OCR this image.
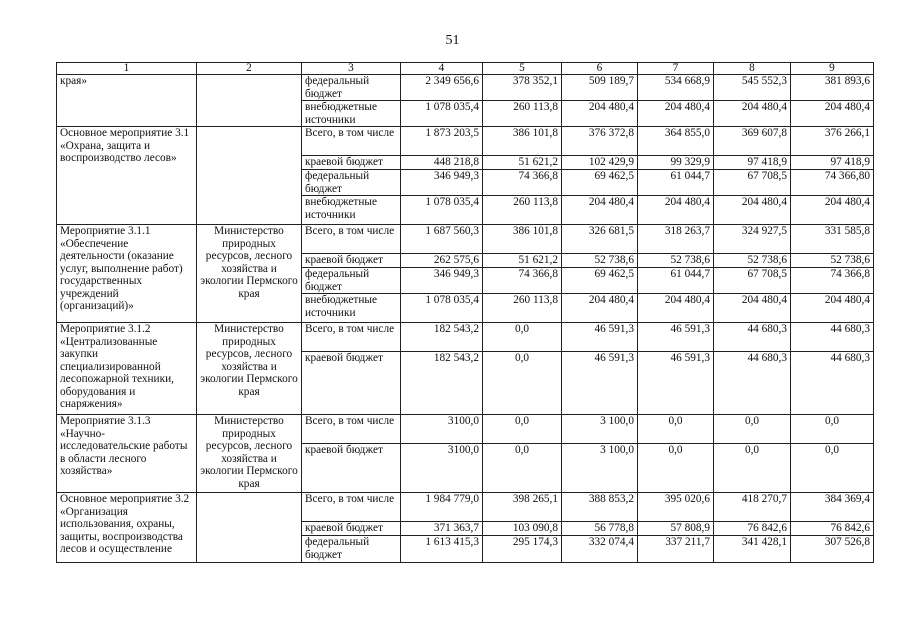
51
1	2	3	4	5	6	7	8	9
края»		федеральный бюджет	2 349 656,6	378 352,1	509 189,7	534 668,9	545 552,3	381 893,6
		внебюджетные источники	1 078 035,4	260 113,8	204 480,4	204 480,4	204 480,4	204 480,4
Основное мероприятие 3.1 «Охрана, защита и воспроизводство лесов»		Всего, в том числе	1 873 203,5	386 101,8	376 372,8	364 855,0	369 607,8	376 266,1
		краевой бюджет	448 218,8	51 621,2	102 429,9	99 329,9	97 418,9	97 418,9
		федеральный бюджет	346 949,3	74 366,8	69 462,5	61 044,7	67 708,5	74 366,80
		внебюджетные источники	1 078 035,4	260 113,8	204 480,4	204 480,4	204 480,4	204 480,4
Мероприятие 3.1.1 «Обеспечение деятельности (оказание услуг, выполнение работ) государственных учреждений (организаций)»	Министерство природных ресурсов, лесного хозяйства и экологии Пермского края	Всего, в том числе	1 687 560,3	386 101,8	326 681,5	318 263,7	324 927,5	331 585,8
		краевой бюджет	262 575,6	51 621,2	52 738,6	52 738,6	52 738,6	52 738,6
		федеральный бюджет	346 949,3	74 366,8	69 462,5	61 044,7	67 708,5	74 366,8
		внебюджетные источники	1 078 035,4	260 113,8	204 480,4	204 480,4	204 480,4	204 480,4
Мероприятие 3.1.2 «Централизованные закупки специализированной лесопожарной техники, оборудования и снаряжения»	Министерство природных ресурсов, лесного хозяйства и экологии Пермского края	Всего, в том числе	182 543,2	0,0	46 591,3	46 591,3	44 680,3	44 680,3
		краевой бюджет	182 543,2	0,0	46 591,3	46 591,3	44 680,3	44 680,3
Мероприятие 3.1.3 «Научно-исследовательские работы в области лесного хозяйства»	Министерство природных ресурсов, лесного хозяйства и экологии Пермского края	Всего, в том числе	3100,0	0,0	3 100,0	0,0	0,0	0,0
		краевой бюджет	3100,0	0,0	3 100,0	0,0	0,0	0,0
Основное мероприятие 3.2 «Организация использования, охраны, защиты, воспроизводства лесов и осуществление		Всего, в том числе	1 984 779,0	398 265,1	388 853,2	395 020,6	418 270,7	384 369,4
		краевой бюджет	371 363,7	103 090,8	56 778,8	57 808,9	76 842,6	76 842,6
		федеральный бюджет	1 613 415,3	295 174,3	332 074,4	337 211,7	341 428,1	307 526,8
